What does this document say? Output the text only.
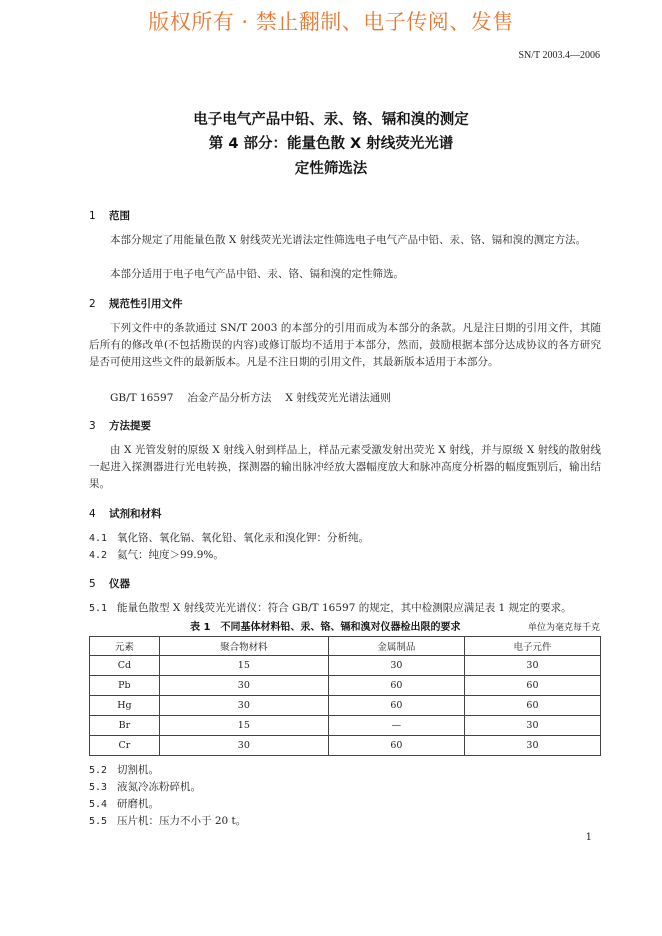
版权所有 · 禁止翻制、电子传阅、发售
SN/T 2003.4—2006
电子电气产品中铅、汞、铬、镉和溴的测定
第 4 部分：能量色散 X 射线荧光光谱
定性筛选法
1 范围

本部分规定了用能量色散 X 射线荧光光谱法定性筛选电子电气产品中铅、汞、铬、镉和溴的测定方法。

本部分适用于电子电气产品中铅、汞、铬、镉和溴的定性筛选。

2 规范性引用文件

下列文件中的条款通过 SN/T 2003 的本部分的引用而成为本部分的条款。凡是注日期的引用文件，其随后所有的修改单(不包括勘误的内容)或修订版均不适用于本部分，然而，鼓励根据本部分达成协议的各方研究是否可使用这些文件的最新版本。凡是不注日期的引用文件，其最新版本适用于本部分。

GB/T 16597 冶金产品分析方法 X 射线荧光光谱法通则
3 方法提要

由 X 光管发射的原级 X 射线入射到样品上，样品元素受激发射出荧光 X 射线，并与原级 X 射线的散射线一起进入探测器进行光电转换，探测器的输出脉冲经放大器幅度放大和脉冲高度分析器的幅度甄别后，输出结果。

4 试剂和材料
4.1 氧化铬、氧化镉、氧化铅、氧化汞和溴化钾：分析纯。
4.2 氦气：纯度＞99.9%。
5 仪器
5.1 能量色散型 X 射线荧光光谱仪：符合 GB/T 16597 的规定，其中检测限应满足表 1 规定的要求。
表 1　不同基体材料铅、汞、铬、镉和溴对仪器检出限的要求	单位为毫克每千克
元素	聚合物材料	金属制品	电子元件
Cd	15	30	30
Pb	30	60	60
Hg	30	60	60
Br	15	—	30
Cr	30	60	30
5.2 切割机。
5.3 液氮冷冻粉碎机。
5.4 研磨机。
5.5 压片机：压力不小于 20 t。
1
